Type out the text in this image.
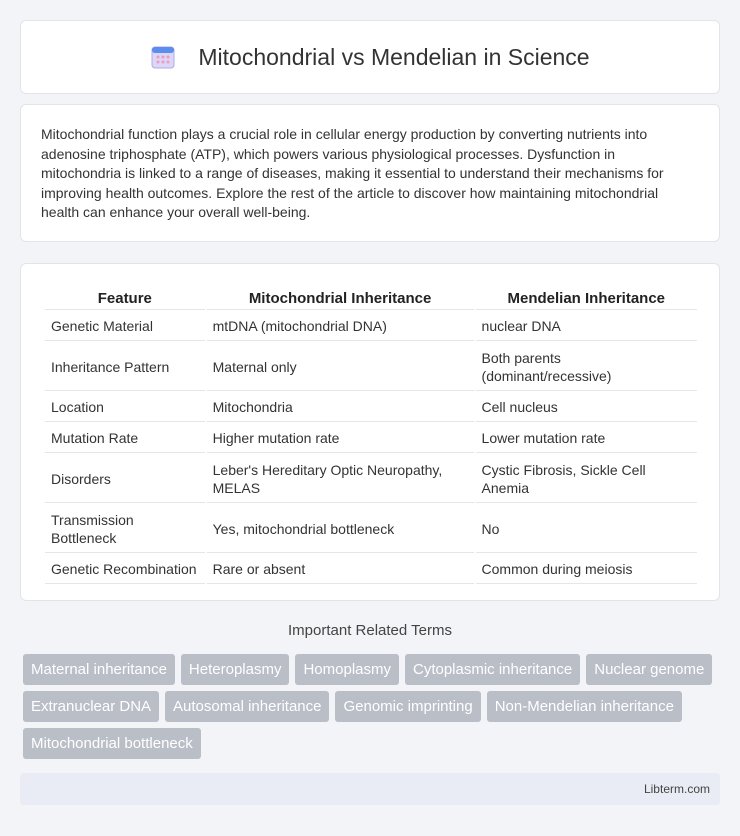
Mitochondrial vs Mendelian in Science

Mitochondrial function plays a crucial role in cellular energy production by converting nutrients into adenosine triphosphate (ATP), which powers various physiological processes. Dysfunction in mitochondria is linked to a range of diseases, making it essential to understand their mechanisms for improving health outcomes. Explore the rest of the article to discover how maintaining mitochondrial health can enhance your overall well-being.

Feature	Mitochondrial Inheritance	Mendelian Inheritance
Genetic Material	mtDNA (mitochondrial DNA)	nuclear DNA
Inheritance Pattern	Maternal only	Both parents (dominant/recessive)
Location	Mitochondria	Cell nucleus
Mutation Rate	Higher mutation rate	Lower mutation rate
Disorders	Leber's Hereditary Optic Neuropathy, MELAS	Cystic Fibrosis, Sickle Cell Anemia
Transmission Bottleneck	Yes, mitochondrial bottleneck	No
Genetic Recombination	Rare or absent	Common during meiosis
Important Related Terms
Maternal inheritance	Heteroplasmy	Homoplasmy	Cytoplasmic inheritance	Nuclear genome
Extranuclear DNA	Autosomal inheritance	Genomic imprinting	Non-Mendelian inheritance
Mitochondrial bottleneck
Libterm.com
